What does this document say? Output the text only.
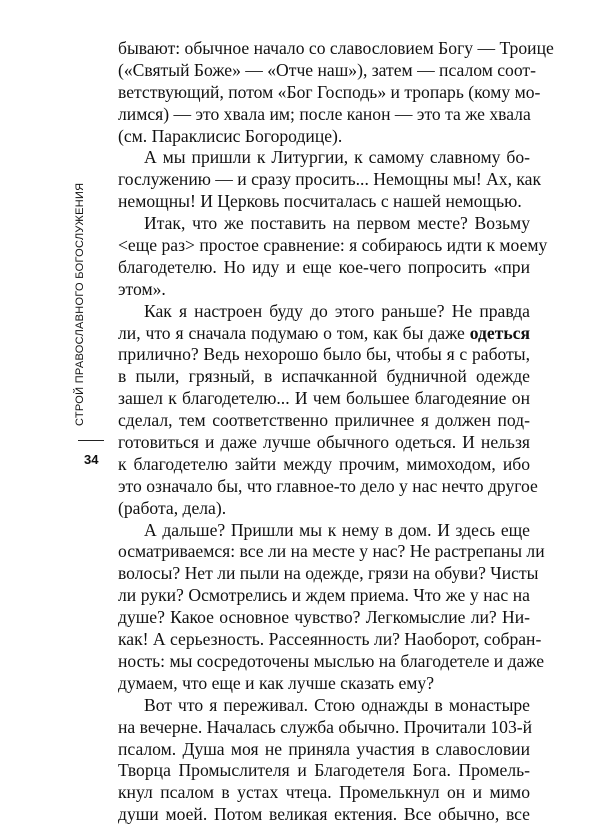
СТРОЙ ПРАВОСЛАВНОГО БОГОСЛУЖЕНИЯ
34
бывают: обычное начало со славословием Богу — Троице
(«Святый Боже» — «Отче наш»), затем — псалом соот-
ветствующий, потом «Бог Господь» и тропарь (кому мо-
лимся) — это хвала им; после канон — это та же хвала
(см. Параклисис Богородице).
А мы пришли к Литургии, к самому славному бо-
гослужению — и сразу просить... Немощны мы! Ах, как
немощны! И Церковь посчиталась с нашей немощью.
Итак, что же поставить на первом месте? Возьму
<еще раз> простое сравнение: я собираюсь идти к моему
благодетелю. Но иду и еще кое-чего попросить «при
этом».
Как я настроен буду до этого раньше? Не правда
ли, что я сначала подумаю о том, как бы даже одеться
прилично? Ведь нехорошо было бы, чтобы я с работы,
в пыли, грязный, в испачканной будничной одежде
зашел к благодетелю... И чем большее благодеяние он
сделал, тем соответственно приличнее я должен под-
готовиться и даже лучше обычного одеться. И нельзя
к благодетелю зайти между прочим, мимоходом, ибо
это означало бы, что главное-то дело у нас нечто другое
(работа, дела).
А дальше? Пришли мы к нему в дом. И здесь еще
осматриваемся: все ли на месте у нас? Не растрепаны ли
волосы? Нет ли пыли на одежде, грязи на обуви? Чисты
ли руки? Осмотрелись и ждем приема. Что же у нас на
душе? Какое основное чувство? Легкомыслие ли? Ни-
как! А серьезность. Рассеянность ли? Наоборот, собран-
ность: мы сосредоточены мыслью на благодетеле и даже
думаем, что еще и как лучше сказать ему?
Вот что я переживал. Стою однажды в монастыре
на вечерне. Началась служба обычно. Прочитали 103-й
псалом. Душа моя не приняла участия в славословии
Творца Промыслителя и Благодетеля Бога. Промель-
кнул псалом в устах чтеца. Промелькнул он и мимо
души моей. Потом великая ектения. Все обычно, все
